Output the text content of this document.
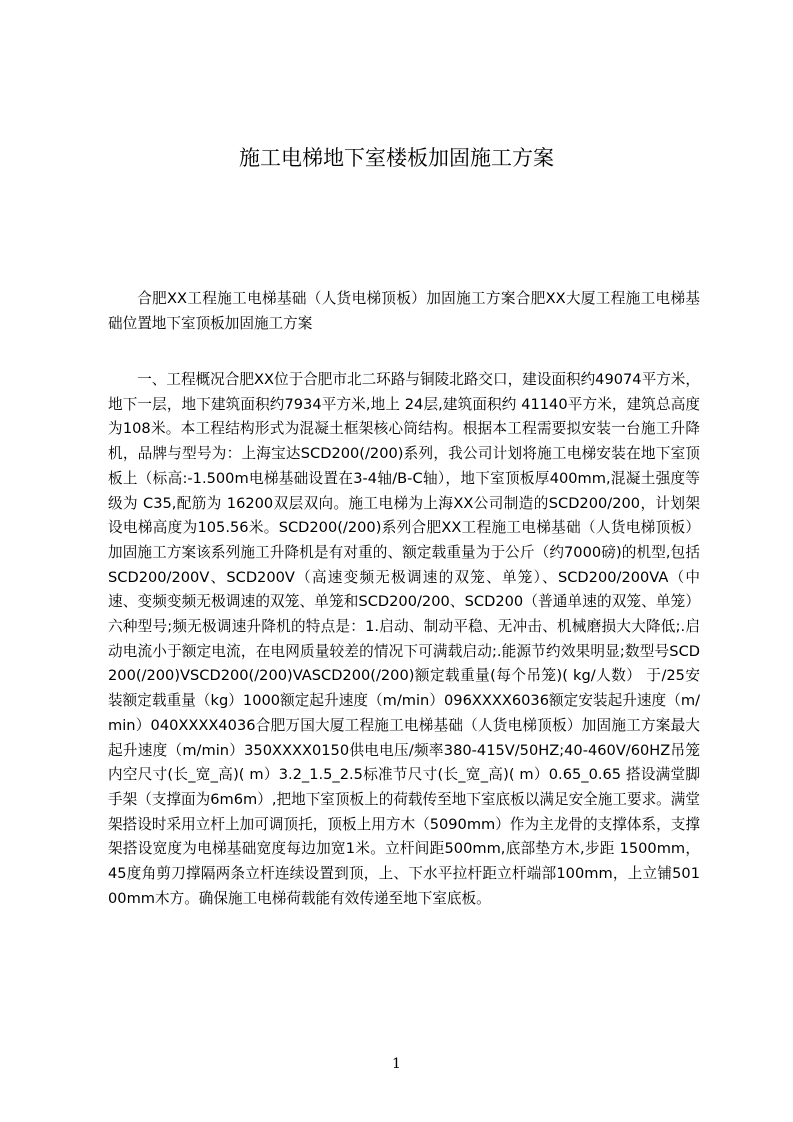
施工电梯地下室楼板加固施工方案

合肥XX工程施工电梯基础（人货电梯顶板）加固施工方案合肥XX大厦工程施工电梯基础位置地下室顶板加固施工方案

一、工程概况合肥XX位于合肥市北二环路与铜陵北路交口，建设面积约49074平方米，地下一层，地下建筑面积约7934平方米,地上 24层,建筑面积约 41140平方米，建筑总高度为108米。本工程结构形式为混凝土框架核心筒结构。根据本工程需要拟安装一台施工升降机，品牌与型号为：上海宝达SCD200(/200)系列，我公司计划将施工电梯安装在地下室顶板上（标高:-1.500m电梯基础设置在3-4轴/B-C轴），地下室顶板厚400mm,混凝土强度等级为 C35,配筋为 16200双层双向。施工电梯为上海XX公司制造的SCD200/200，计划架设电梯高度为105.56米。SCD200(/200)系列合肥XX工程施工电梯基础（人货电梯顶板）加固施工方案该系列施工升降机是有对重的、额定载重量为于公斤（约7000磅)的机型,包括 SCD200/200V、SCD200V（高速变频无极调速的双笼、单笼）、SCD200/200VA（中速、变频变频无极调速的双笼、单笼和SCD200/200、SCD200（普通单速的双笼、单笼）六种型号;频无极调速升降机的特点是：1.启动、制动平稳、无冲击、机械磨损大大降低;.启动电流小于额定电流，在电网质量较差的情况下可满载启动;.能源节约效果明显;数型号SCD200(/200)VSCD200(/200)VASCD200(/200)额定载重量(每个吊笼)( kg/人数） 于/25安装额定载重量（kg）1000额定起升速度（m/min）096XXXX6036额定安装起升速度（m/min）040XXXX4036合肥万国大厦工程施工电梯基础（人货电梯顶板）加固施工方案最大起升速度（m/min）350XXXX0150供电电压/频率380-415V/50HZ;40-460V/60HZ吊笼内空尺寸(长_宽_高)( m）3.2_1.5_2.5标准节尺寸(长_宽_高)( m）0.65_0.65 搭设满堂脚手架（支撑面为6m6m）,把地下室顶板上的荷载传至地下室底板以满足安全施工要求。满堂架搭设时采用立杆上加可调顶托，顶板上用方木（5090mm）作为主龙骨的支撑体系，支撑架搭设宽度为电梯基础宽度每边加宽1米。立杆间距500mm,底部垫方木,步距 1500mm，45度角剪刀撑隔两条立杆连续设置到顶，上、下水平拉杆距立杆端部100mm，上立铺50100mm木方。确保施工电梯荷载能有效传递至地下室底板。

1
